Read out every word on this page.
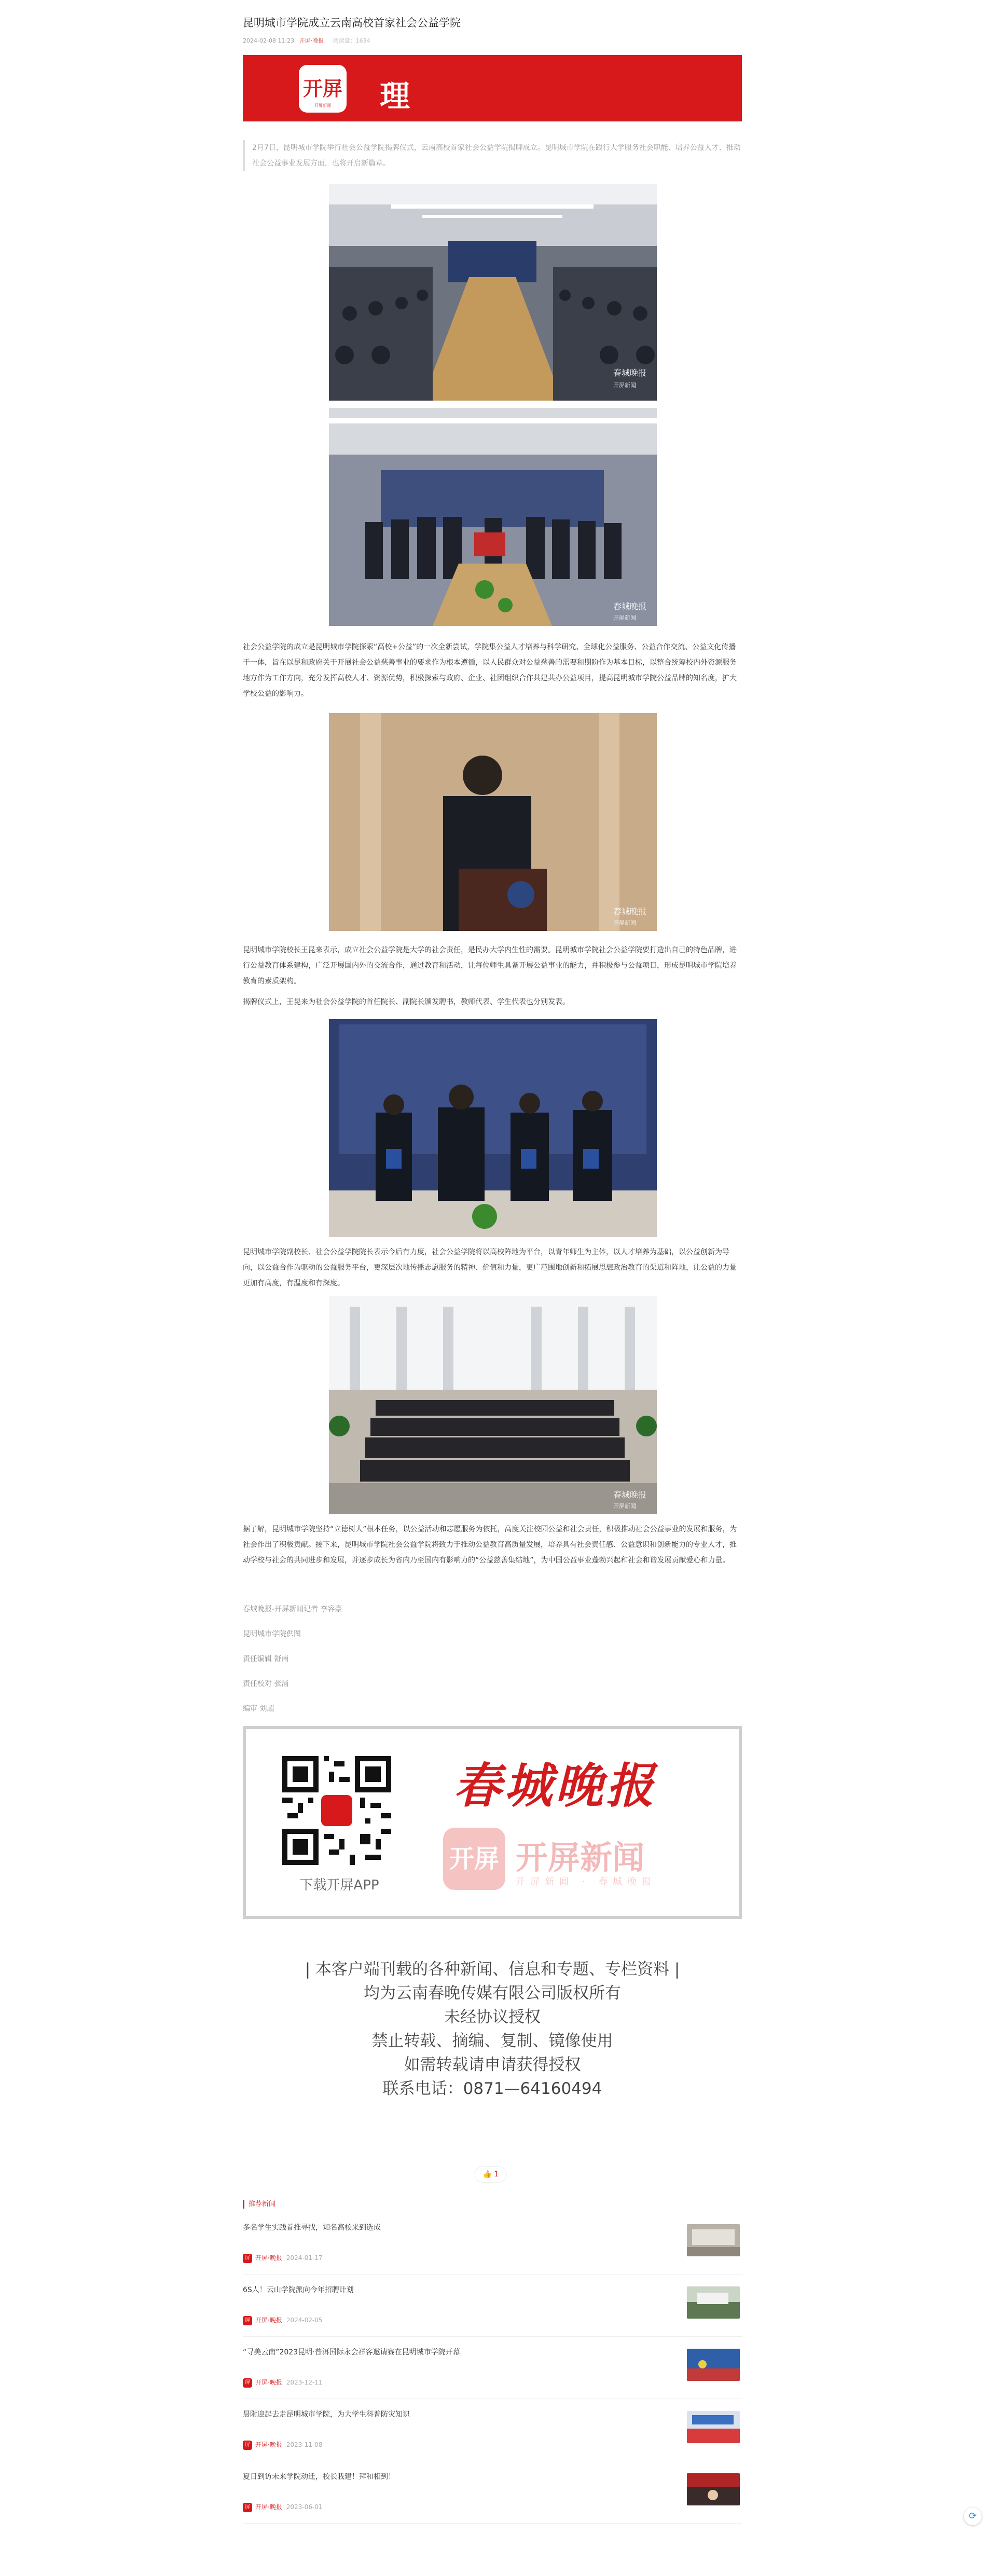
昆明城市学院成立云南高校首家社会公益学院
2024-02-08 11:23 开屏·晚报 阅读量：1634
开屏
开屏新闻	理

2月7日，昆明城市学院举行社会公益学院揭牌仪式，云南高校首家社会公益学院揭牌成立。昆明城市学院在践行大学服务社会职能、培养公益人才、推动社会公益事业发展方面，也将开启新篇章。

春城晚报
开屏新闻
春城晚报
开屏新闻

社会公益学院的成立是昆明城市学院探索“高校+公益”的一次全新尝试，学院集公益人才培养与科学研究、全球化公益服务、公益合作交流、公益文化传播于一体，旨在以昆和政府关于开展社会公益慈善事业的要求作为根本遵循，以人民群众对公益慈善的需要和期盼作为基本目标，以整合统筹校内外资源服务地方作为工作方向，充分发挥高校人才、资源优势，积极探索与政府、企业、社团组织合作共建共办公益项目，提高昆明城市学院公益品牌的知名度，扩大学校公益的影响力。

春城晚报
开屏新闻

昆明城市学院校长王昆来表示，成立社会公益学院是大学的社会责任，是民办大学内生性的需要。昆明城市学院社会公益学院要打造出自己的特色品牌，进行公益教育体系建构，广泛开展国内外的交流合作，通过教育和活动，让每位师生具备开展公益事业的能力，并积极参与公益项目，形成昆明城市学院培养教育的素质架构。

揭牌仪式上，王昆来为社会公益学院的首任院长、副院长颁发聘书，教师代表、学生代表也分别发表。

昆明城市学院副校长、社会公益学院院长表示今后有力度，社会公益学院将以高校阵地为平台，以青年师生为主体，以人才培养为基础，以公益创新为导向，以公益合作为驱动的公益服务平台，更深层次地传播志愿服务的精神、价值和力量，更广范围地创新和拓展思想政治教育的渠道和阵地，让公益的力量更加有高度，有温度和有深度。

春城晚报
开屏新闻

据了解，昆明城市学院坚持“立德树人”根本任务，以公益活动和志愿服务为依托，高度关注校园公益和社会责任，积极推动社会公益事业的发展和服务，为社会作出了积极贡献。接下来，昆明城市学院社会公益学院将致力于推动公益教育高质量发展，培养具有社会责任感、公益意识和创新能力的专业人才，推动学校与社会的共同进步和发展，并逐步成长为省内乃至国内有影响力的“公益慈善集结地”，为中国公益事业蓬勃兴起和社会和谐发展贡献爱心和力量。

春城晚报-开屏新闻记者 李容豪
昆明城市学院供图
责任编辑 舒南
责任校对 张涌
编审 刘超
下载开屏APP
春城晚报
开屏 开屏新闻
开屏新闻 · 春城晚报
| 本客户端刊载的各种新闻、信息和专题、专栏资料 |
均为云南春晚传媒有限公司版权所有
未经协议授权
禁止转载、摘编、复制、镜像使用
如需转载请申请获得授权
联系电话：0871—64160494
👍 1
推荐新闻
多名学生实践首推寻找，知名高校来到选成
屏 开屏·晚报 2024-01-17
6S人！云山学院派向今年招聘计划
屏 开屏·晚报 2024-02-05
“寻美云南”2023昆明·普洱国际永会祥客邀请赛在昆明城市学院开幕
屏 开屏·晚报 2023-12-11
晨附迎起去走昆明城市学院，为大学生科普防灾知识
屏 开屏·晚报 2023-11-08
夏日到访未来学院动迁，校长我建！拜和相到！
屏 开屏·晚报 2023-06-01
⟳
